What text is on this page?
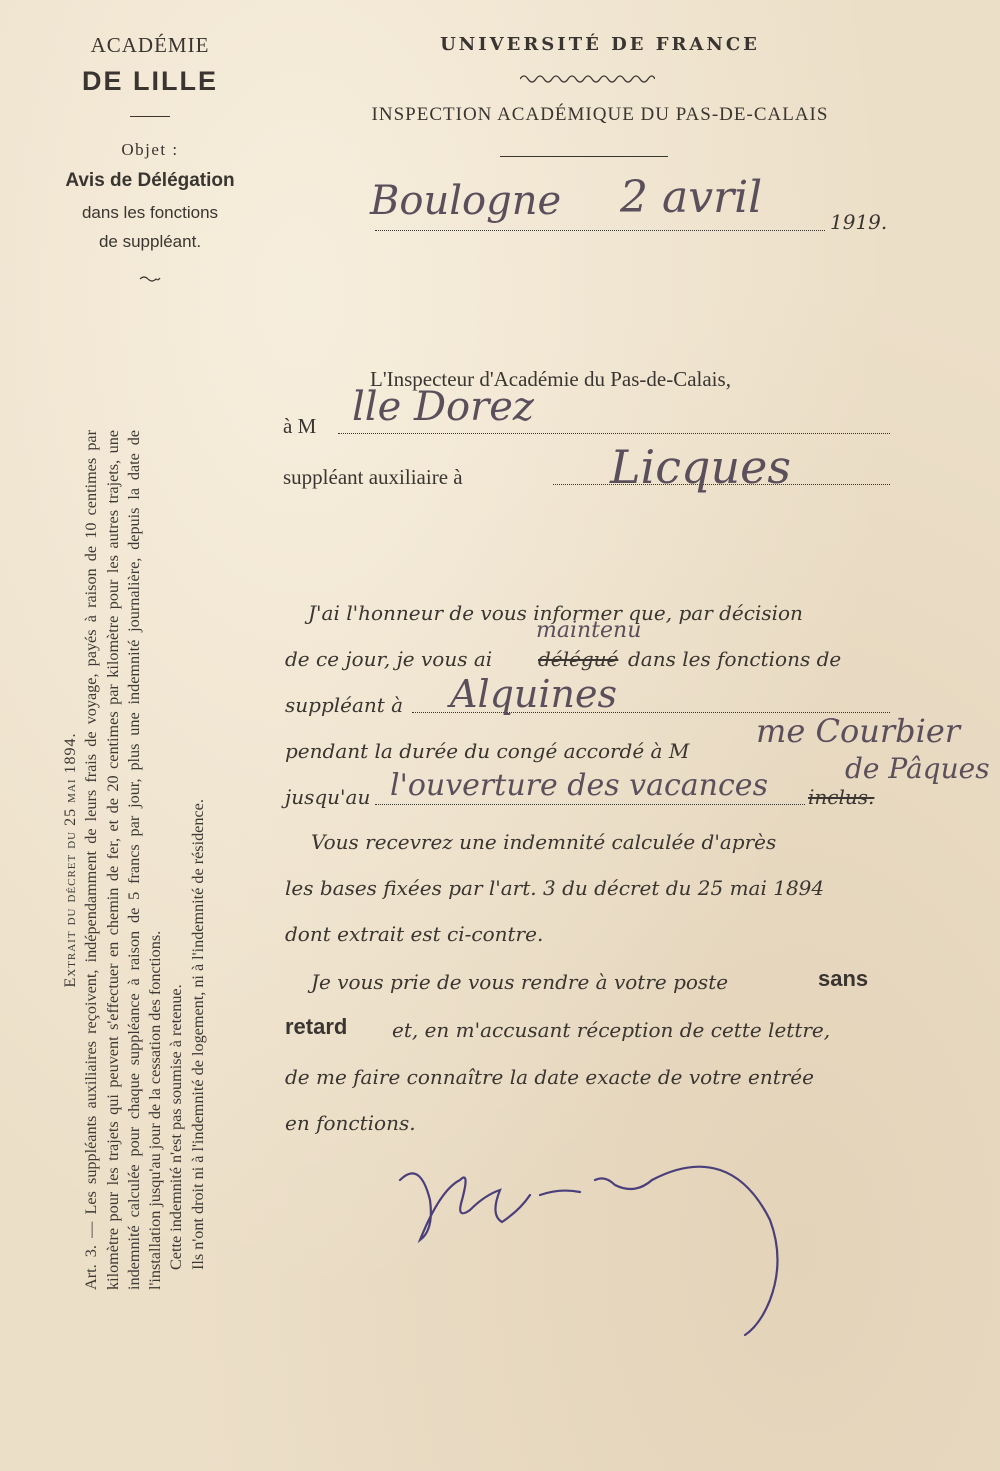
ACADÉMIE
DE LILLE
Objet :
Avis de Délégation
dans les fonctions
de suppléant.
UNIVERSITÉ DE FRANCE
INSPECTION ACADÉMIQUE DU PAS-DE-CALAIS
Boulogne 2 avril	1919.
L'Inspecteur d'Académie du Pas-de-Calais,
à M lle Dorez
suppléant auxiliaire à	Licques
J'ai l'honneur de vous informer que, par décision
de ce jour, je vous ai délégué
maintenu
dans les fonctions de
suppléant à Alquines
pendant la durée du congé accordé à M
me Courbier
jusqu'au l'ouverture des vacances inclus.
de Pâques
Vous recevrez une indemnité calculée d'après
les bases fixées par l'art. 3 du décret du 25 mai 1894
dont extrait est ci-contre.
Je vous prie de vous rendre à votre poste	sans
retard et, en m'accusant réception de cette lettre,
de me faire connaître la date exacte de votre entrée
en fonctions.
Extrait du décret du 25 mai 1894. Art. 3. — Les suppléants auxiliaires reçoivent, indépendamment de leurs frais de voyage, payés à raison de 10 centimes par kilomètre pour les trajets qui peuvent s'effectuer en chemin de fer, et de 20 centimes par kilomètre pour les autres trajets, une indemnité calculée pour chaque suppléance à raison de 5 francs par jour, plus une indemnité journalière, depuis la date de l'installation jusqu'au jour de la cessation des fonctions. Cette indemnité n'est pas soumise à retenue. Ils n'ont droit ni à l'indemnité de logement, ni à l'indemnité de résidence.
